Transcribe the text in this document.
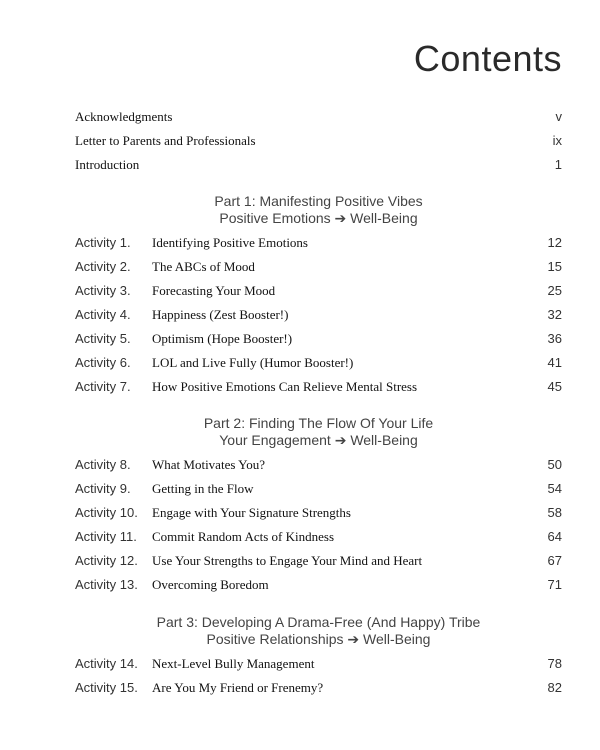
Contents
Acknowledgments	v
Letter to Parents and Professionals	ix
Introduction	1
Part 1: Manifesting Positive Vibes
Positive Emotions ➔ Well-Being
Activity 1. Identifying Positive Emotions	12
Activity 2. The ABCs of Mood	15
Activity 3. Forecasting Your Mood	25
Activity 4. Happiness (Zest Booster!)	32
Activity 5. Optimism (Hope Booster!)	36
Activity 6. LOL and Live Fully (Humor Booster!)	41
Activity 7. How Positive Emotions Can Relieve Mental Stress	45
Part 2: Finding The Flow Of Your Life
Your Engagement ➔ Well-Being
Activity 8. What Motivates You?	50
Activity 9. Getting in the Flow	54
Activity 10. Engage with Your Signature Strengths	58
Activity 11. Commit Random Acts of Kindness	64
Activity 12. Use Your Strengths to Engage Your Mind and Heart	67
Activity 13. Overcoming Boredom	71
Part 3: Developing A Drama-Free (And Happy) Tribe
Positive Relationships ➔ Well-Being
Activity 14. Next-Level Bully Management	78
Activity 15. Are You My Friend or Frenemy?	82
